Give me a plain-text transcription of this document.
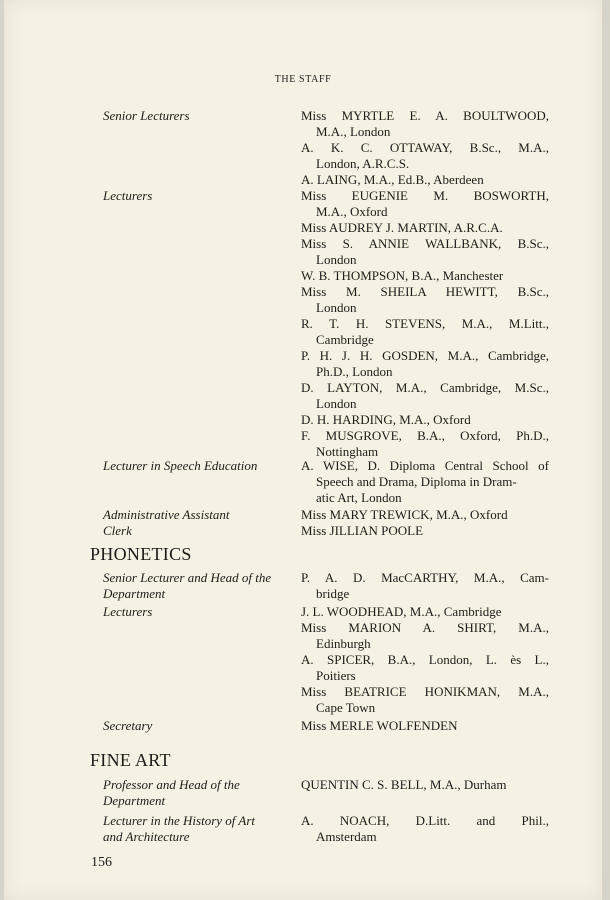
THE STAFF
Senior Lecturers
Lecturers
Lecturer in Speech Education
Administrative Assistant
Clerk
PHONETICS
Senior Lecturer and Head of the
Department
Lecturers
Secretary
FINE ART
Professor and Head of the
Department
Lecturer in the History of Art
and Architecture
Miss MYRTLE E. A. BOULTWOOD,
M.A., London
A. K. C. OTTAWAY, B.Sc., M.A.,
London, A.R.C.S.
A. LAING, M.A., Ed.B., Aberdeen
Miss EUGENIE M. BOSWORTH,
M.A., Oxford
Miss AUDREY J. MARTIN, A.R.C.A.
Miss S. ANNIE WALLBANK, B.Sc.,
London
W. B. THOMPSON, B.A., Manchester
Miss M. SHEILA HEWITT, B.Sc.,
London
R. T. H. STEVENS, M.A., M.Litt.,
Cambridge
P. H. J. H. GOSDEN, M.A., Cambridge,
Ph.D., London
D. LAYTON, M.A., Cambridge, M.Sc.,
London
D. H. HARDING, M.A., Oxford
F. MUSGROVE, B.A., Oxford, Ph.D.,
Nottingham
A. WISE, D. Diploma Central School of
Speech and Drama, Diploma in Dram-
atic Art, London
Miss MARY TREWICK, M.A., Oxford
Miss JILLIAN POOLE
P. A. D. MacCARTHY, M.A., Cam-
bridge
J. L. WOODHEAD, M.A., Cambridge
Miss MARION A. SHIRT, M.A.,
Edinburgh
A. SPICER, B.A., London, L. ès L.,
Poitiers
Miss BEATRICE HONIKMAN, M.A.,
Cape Town
Miss MERLE WOLFENDEN
QUENTIN C. S. BELL, M.A., Durham
A. NOACH, D.Litt. and Phil.,
Amsterdam
156
